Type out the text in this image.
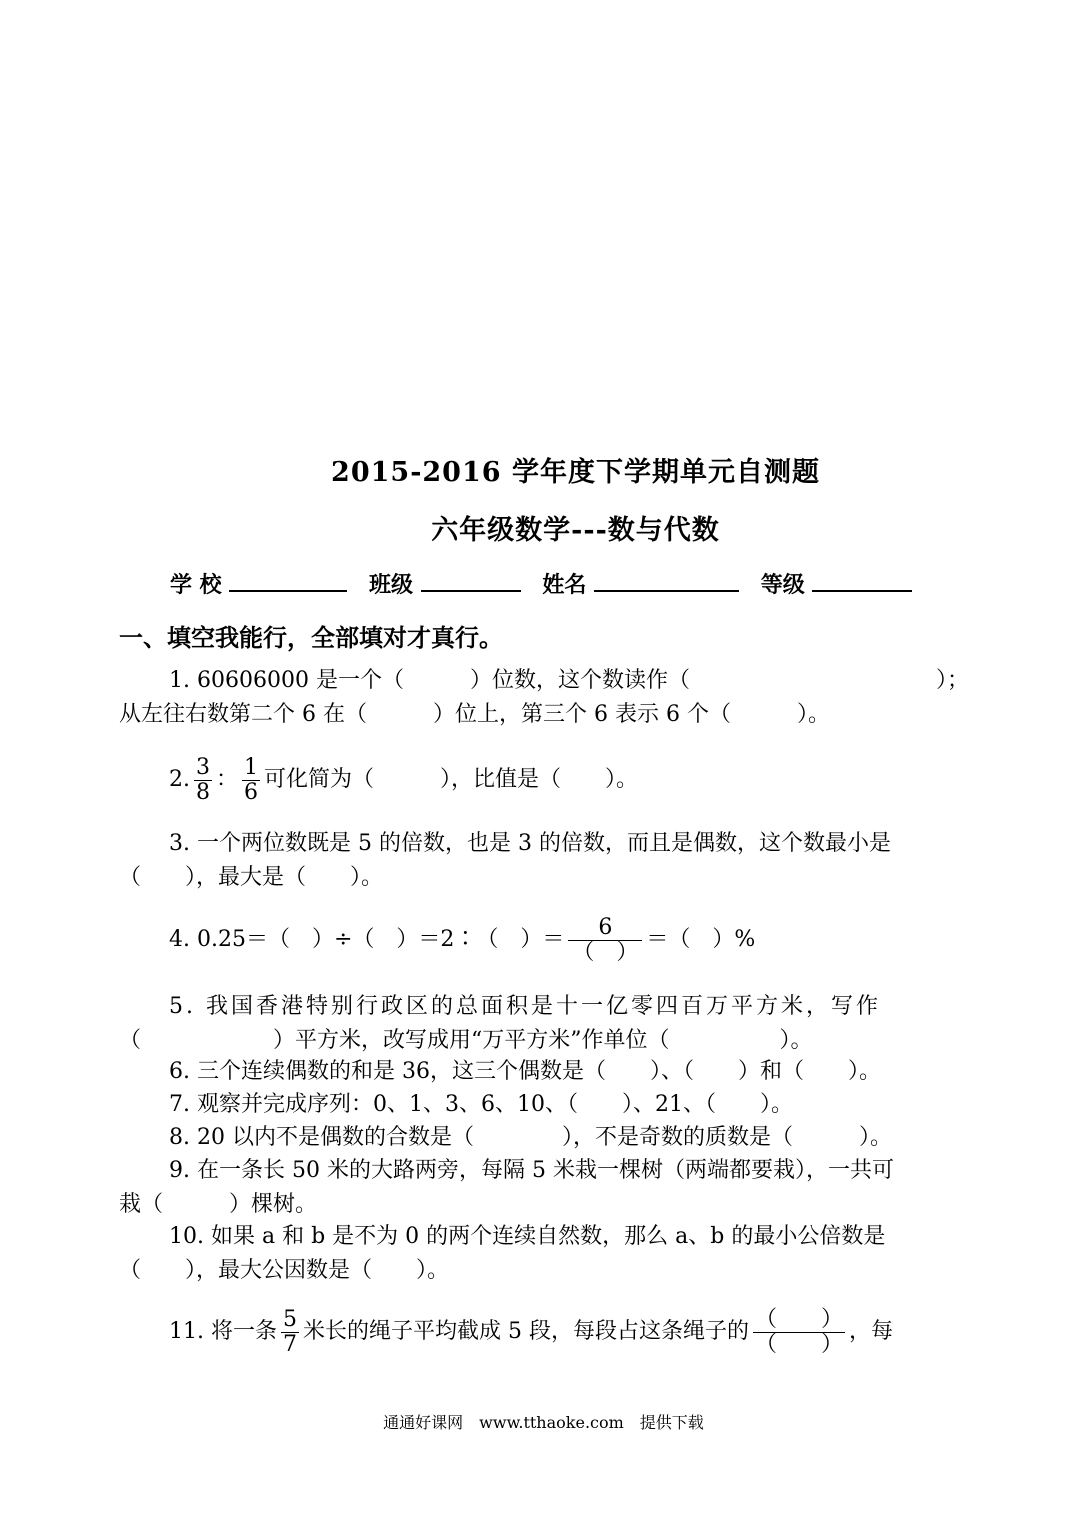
2015-2016 学年度下学期单元自测题
六年级数学---数与代数
学 校	班级	姓名	等级
一、填空我能行，全部填对才真行。
1. 60606000 是一个（　　　）位数，这个数读作（	）；
从左往右数第二个 6 在（　　　）位上，第三个 6 表示 6 个（　　　）。
2. $\frac{3}{8}$ ： $\frac{1}{6}$ 可化简为（　　　），比值是（　　）。
3. 一个两位数既是 5 的倍数，也是 3 的倍数，而且是偶数，这个数最小是
（　　），最大是（　　）。
4. 0.25＝（　）÷（　）＝2∶（　）＝ $\frac{6}{( )}$ ＝（　）%
5. 我国香港特别行政区的总面积是十一亿零四百万平方米，写作
（　　　　　　）平方米，改写成用“万平方米”作单位（　　　　　）。
6. 三个连续偶数的和是 36，这三个偶数是（　　）、（　　）和（　　）。
7. 观察并完成序列：0、1、3、6、10、（　　）、21、（　　）。
8. 20 以内不是偶数的合数是（　　　　），不是奇数的质数是（　　　）。
9. 在一条长 50 米的大路两旁，每隔 5 米栽一棵树（两端都要栽），一共可
栽（　　　）棵树。
10. 如果 a 和 b 是不为 0 的两个连续自然数，那么 a、b 的最小公倍数是
（　　），最大公因数是（　　）。
11. 将一条 $\frac{5}{7}$ 米长的绳子平均截成 5 段，每段占这条绳子的 $\frac{( )}{( )}$ ，每
通通好课网　www.tthaoke.com　提供下载
